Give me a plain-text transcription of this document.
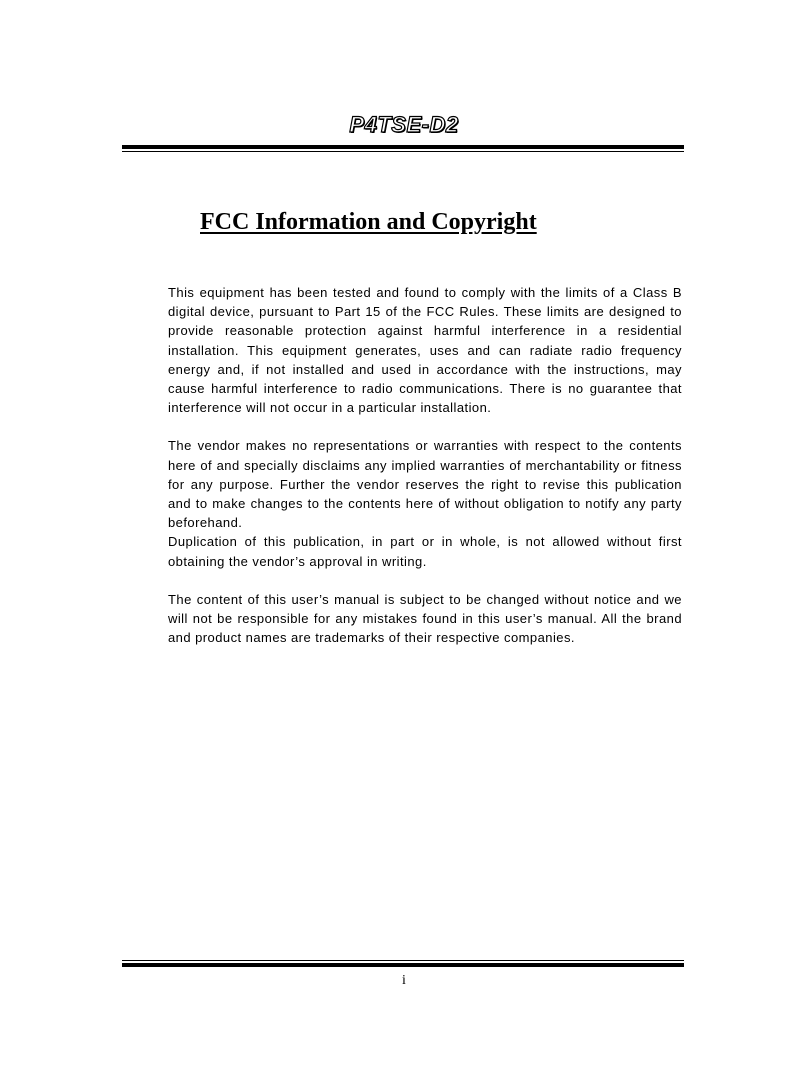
P4TSE-D2
FCC Information and Copyright

This equipment has been tested and found to comply with the limits of a Class B digital device, pursuant to Part 15 of the FCC Rules. These limits are designed to provide reasonable protection against harmful interference in a residential installation. This equipment generates, uses and can radiate radio frequency energy and, if not installed and used in accordance with the instructions, may cause harmful interference to radio communications. There is no guarantee that interference will not occur in a particular installation.

The vendor makes no representations or warranties with respect to the contents here of and specially disclaims any implied warranties of merchantability or fitness for any purpose. Further the vendor reserves the right to revise this publication and to make changes to the contents here of without obligation to notify any party beforehand.

Duplication of this publication, in part or in whole, is not allowed without first obtaining the vendor’s approval in writing.

The content of this user’s manual is subject to be changed without notice and we will not be responsible for any mistakes found in this user’s manual. All the brand and product names are trademarks of their respective companies.

i
